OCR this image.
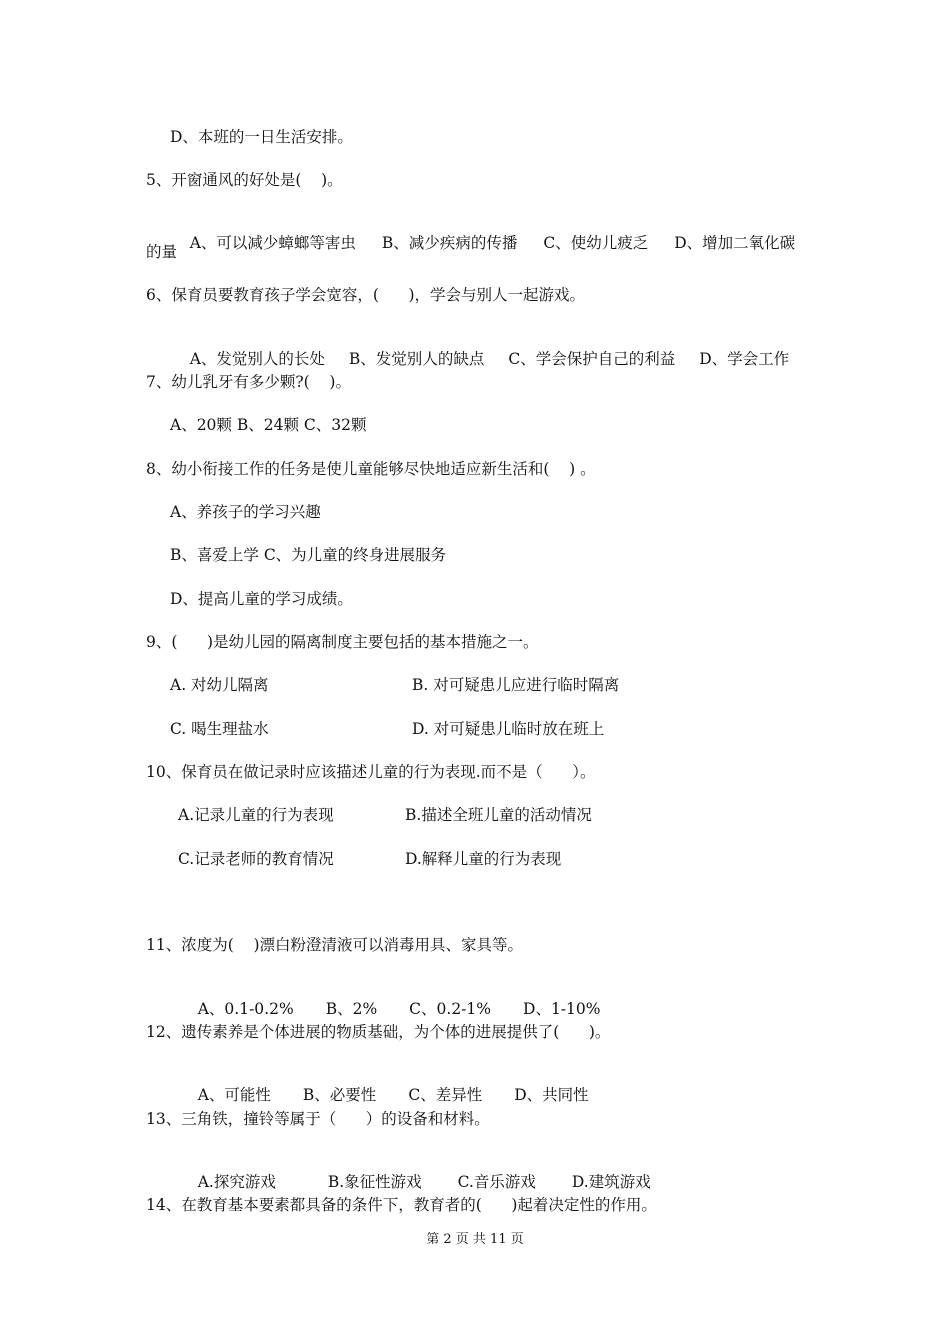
D、本班的一日生活安排。
5、开窗通风的好处是(    )。

A、可以减少蟑螂等害虫 B、减少疾病的传播 C、使幼儿疲乏 D、增加二氧化碳

的量
6、保育员要教育孩子学会宽容，(      )，学会与别人一起游戏。

A、发觉别人的长处 B、发觉别人的缺点 C、学会保护自己的利益 D、学会工作

7、幼儿乳牙有多少颗?(    )。
A、20颗 B、24颗 C、32颗
8、幼小衔接工作的任务是使儿童能够尽快地适应新生活和(    ) 。
A、养孩子的学习兴趣
B、喜爱上学 C、为儿童的终身进展服务
D、提高儿童的学习成绩。
9、(      )是幼儿园的隔离制度主要包括的基本措施之一。
A. 对幼儿隔离	B. 对可疑患儿应进行临时隔离
C. 喝生理盐水	D. 对可疑患儿临时放在班上
10、保育员在做记录时应该描述儿童的行为表现.而不是（      ）。
A.记录儿童的行为表现	B.描述全班儿童的活动情况
C.记录老师的教育情况	D.解释儿童的行为表现
11、浓度为(    )漂白粉澄清液可以消毒用具、家具等。

A、0.1-0.2% B、2% C、0.2-1% D、1-10%

12、遗传素养是个体进展的物质基础，为个体的进展提供了(      )。

A、可能性 B、必要性 C、差异性 D、共同性

13、三角铁，撞铃等属于（      ）的设备和材料。

A.探究游戏	B.象征性游戏 C.音乐游戏 D.建筑游戏

14、在教育基本要素都具备的条件下，教育者的(      )起着决定性的作用。
第 2 页 共 11 页
